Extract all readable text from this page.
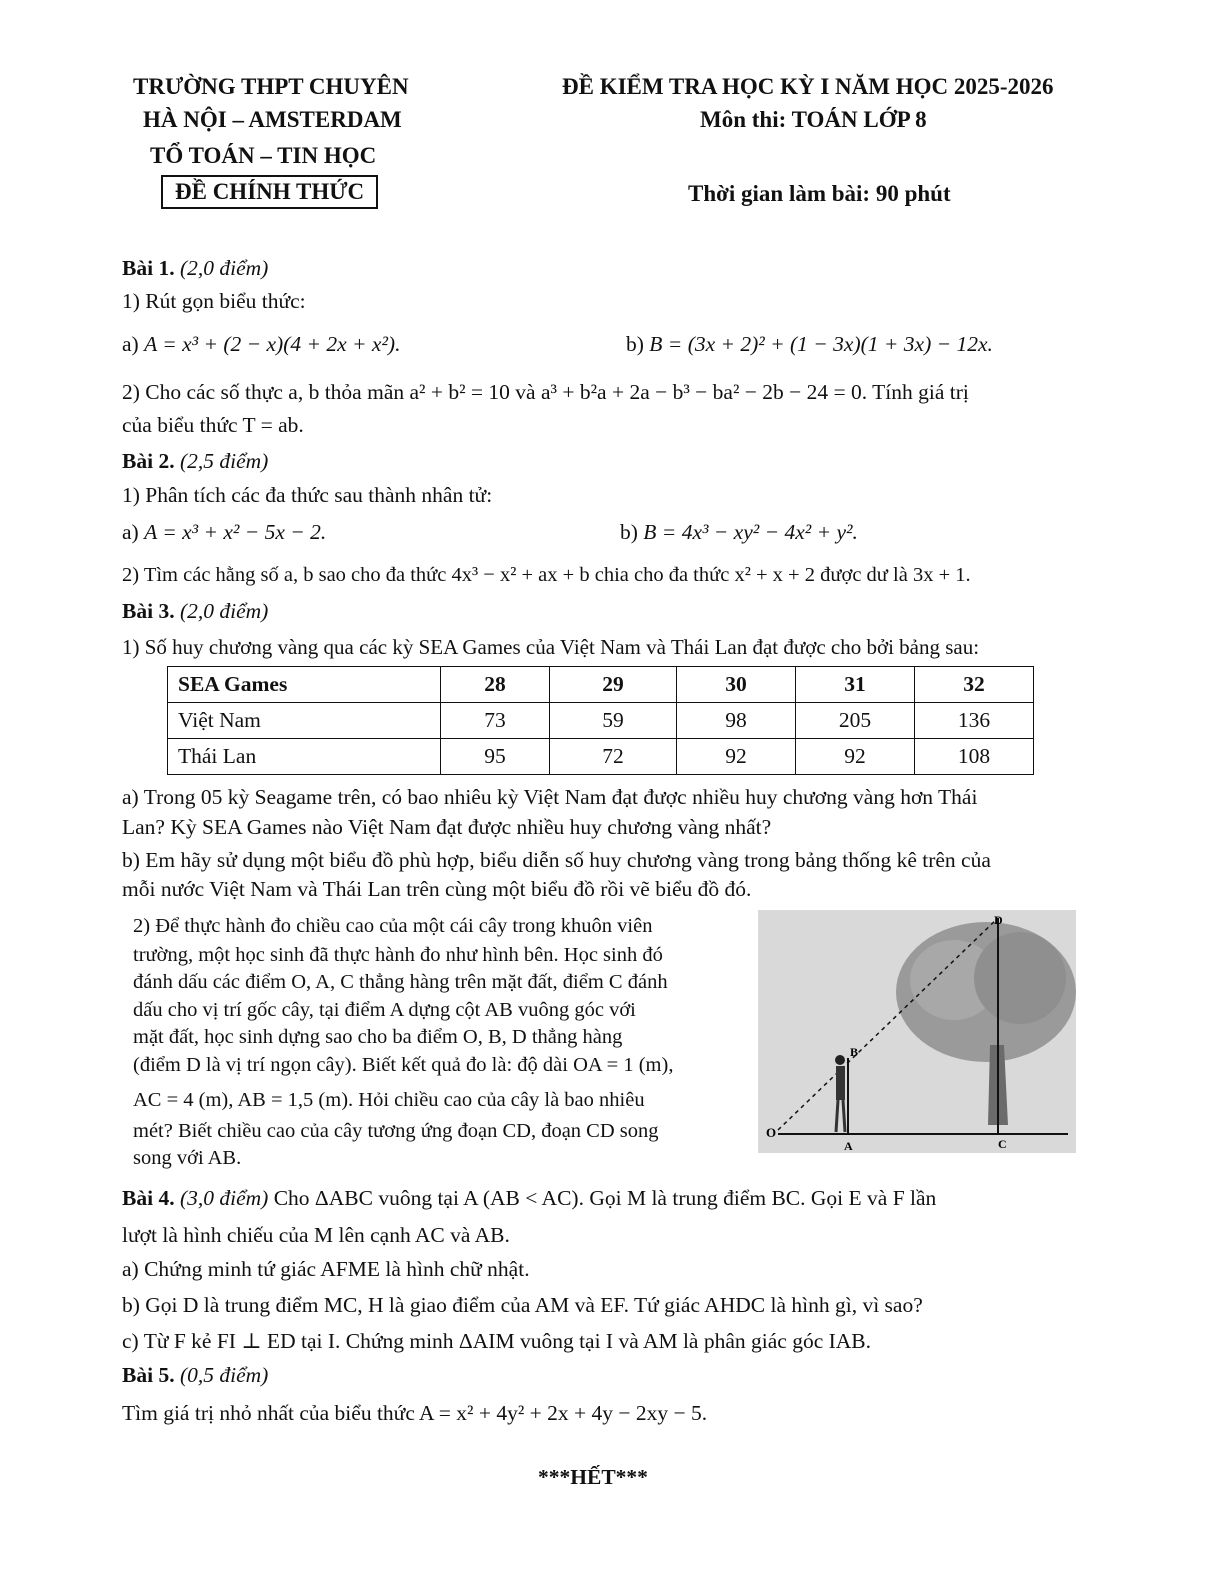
TRƯỜNG THPT CHUYÊN
HÀ NỘI – AMSTERDAM
TỔ TOÁN – TIN HỌC
ĐỀ CHÍNH THỨC
ĐỀ KIỂM TRA HỌC KỲ I NĂM HỌC 2025-2026
Môn thi: TOÁN LỚP 8
Thời gian làm bài: 90 phút
Bài 1. (2,0 điểm)
1) Rút gọn biểu thức:
a) A = x³ + (2 − x)(4 + 2x + x²).	b) B = (3x + 2)² + (1 − 3x)(1 + 3x) − 12x.
2) Cho các số thực a, b thỏa mãn a² + b² = 10 và a³ + b²a + 2a − b³ − ba² − 2b − 24 = 0. Tính giá trị
của biểu thức T = ab.
Bài 2. (2,5 điểm)
1) Phân tích các đa thức sau thành nhân tử:
a) A = x³ + x² − 5x − 2.	b) B = 4x³ − xy² − 4x² + y².
2) Tìm các hằng số a, b sao cho đa thức 4x³ − x² + ax + b chia cho đa thức x² + x + 2 được dư là 3x + 1.
Bài 3. (2,0 điểm)
1) Số huy chương vàng qua các kỳ SEA Games của Việt Nam và Thái Lan đạt được cho bởi bảng sau:
SEA Games	28	29	30	31	32
Việt Nam	73	59	98	205	136
Thái Lan	95	72	92	92	108
a) Trong 05 kỳ Seagame trên, có bao nhiêu kỳ Việt Nam đạt được nhiều huy chương vàng hơn Thái
Lan? Kỳ SEA Games nào Việt Nam đạt được nhiều huy chương vàng nhất?
b) Em hãy sử dụng một biểu đồ phù hợp, biểu diễn số huy chương vàng trong bảng thống kê trên của
mỗi nước Việt Nam và Thái Lan trên cùng một biểu đồ rồi vẽ biểu đồ đó.
2) Để thực hành đo chiều cao của một cái cây trong khuôn viên
trường, một học sinh đã thực hành đo như hình bên. Học sinh đó
đánh dấu các điểm O, A, C thẳng hàng trên mặt đất, điểm C đánh
dấu cho vị trí gốc cây, tại điểm A dựng cột AB vuông góc với
mặt đất, học sinh dựng sao cho ba điểm O, B, D thẳng hàng
(điểm D là vị trí ngọn cây). Biết kết quả đo là: độ dài OA = 1 (m),
AC = 4 (m), AB = 1,5 (m). Hỏi chiều cao của cây là bao nhiêu
mét? Biết chiều cao của cây tương ứng đoạn CD, đoạn CD song
song với AB.
O
A
B
C
D
Bài 4. (3,0 điểm) Cho ΔABC vuông tại A (AB < AC). Gọi M là trung điểm BC. Gọi E và F lần
lượt là hình chiếu của M lên cạnh AC và AB.
a) Chứng minh tứ giác AFME là hình chữ nhật.
b) Gọi D là trung điểm MC, H là giao điểm của AM và EF. Tứ giác AHDC là hình gì, vì sao?
c) Từ F kẻ FI ⊥ ED tại I. Chứng minh ΔAIM vuông tại I và AM là phân giác góc IAB.
Bài 5. (0,5 điểm)
Tìm giá trị nhỏ nhất của biểu thức A = x² + 4y² + 2x + 4y − 2xy − 5.
***HẾT***
